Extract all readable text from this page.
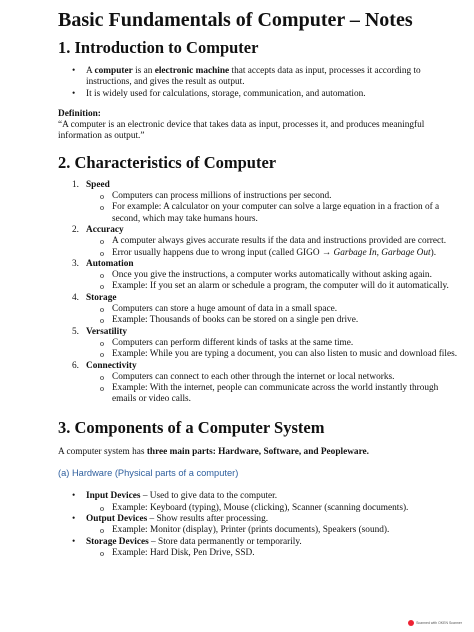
Basic Fundamentals of Computer – Notes
1. Introduction to Computer
• A computer is an electronic machine that accepts data as input, processes it according to instructions, and gives the result as output.
• It is widely used for calculations, storage, communication, and automation.

Definition:

“A computer is an electronic device that takes data as input, processes it, and produces meaningful information as output.”

2. Characteristics of Computer
1. Speed
o Computers can process millions of instructions per second.
o For example: A calculator on your computer can solve a large equation in a fraction of a second, which may take humans hours.
2. Accuracy
o A computer always gives accurate results if the data and instructions provided are correct.
o Error usually happens due to wrong input (called GIGO → Garbage In, Garbage Out).
3. Automation
o Once you give the instructions, a computer works automatically without asking again.
o Example: If you set an alarm or schedule a program, the computer will do it automatically.
4. Storage
o Computers can store a huge amount of data in a small space.
o Example: Thousands of books can be stored on a single pen drive.
5. Versatility
o Computers can perform different kinds of tasks at the same time.
o Example: While you are typing a document, you can also listen to music and download files.
6. Connectivity
o Computers can connect to each other through the internet or local networks.
o Example: With the internet, people can communicate across the world instantly through emails or video calls.
3. Components of a Computer System

A computer system has three main parts: Hardware, Software, and Peopleware.

(a) Hardware (Physical parts of a computer)

• Input Devices – Used to give data to the computer.
o Example: Keyboard (typing), Mouse (clicking), Scanner (scanning documents).
• Output Devices – Show results after processing.
o Example: Monitor (display), Printer (prints documents), Speakers (sound).
• Storage Devices – Store data permanently or temporarily.
o Example: Hard Disk, Pen Drive, SSD.
Scanned with OKEN Scanner
